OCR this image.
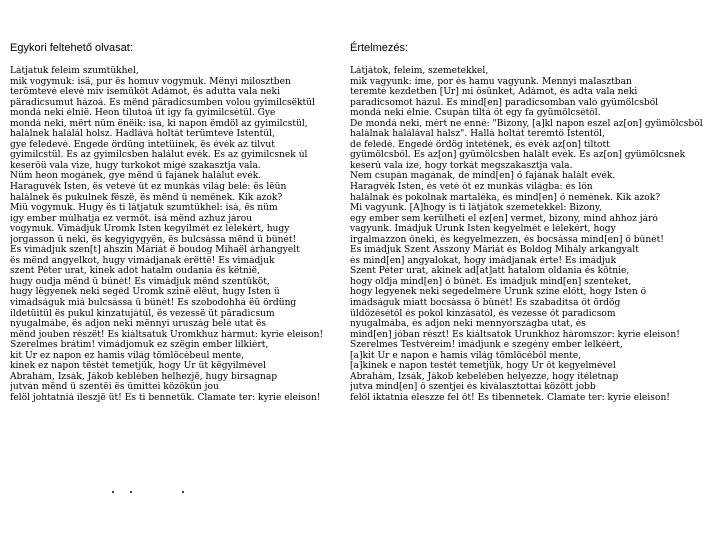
Egykori feltehető olvasat:
Látjatuk feleim szumtükhel,
mik vogymuk: isä, pur ës homuv vogymuk. Mënyi milosztben
terömtevé elevé miv isemüköt Ádámot, ës adutta vala neki
päradicsumut házoá. Ës mënd päradicsumben volou gyimilcsëktül
mondá neki élnië. Heon tilutoá üt igy fa gyimilcsétül. Gye
mondá neki, mërt nüm ënëik: isa, ki napon ëmdöl az gyimilcstül,
halálnek halálál holsz. Hadlává holtát terümtevé Istentül,
gye feledevé. Engede ördüng intetüinek, ës évék az tilvut
gyimilcstül. Ës az gyimilcsben halálut evék. Ës az gyimilcsnek úl
keseröü vala vize, hugy turkokot migé szakasztja vala.
Nüm heon mogánek, gye mënd ü fajánek halálut evék.
Haraguvék Isten, ës vetevé üt ez munkás világ belé: ës lëün
halálnek ës pukulnek fëszë, ës mënd ü nemënek. Kik azok?
Miü vogymuk. Hugy ës ti látjatuk szumtükhel: isá, ës nüm
igy ember múlhatja ez vermöt. isá mënd azhuz járou
vogymuk. Vimádjuk Uromk Isten kegyilmét ez lélekért, hugy
jorgasson ü neki, ës kegyigygyën, ës bulcsássa mënd ü bûnét!
Ës vimádjuk szen[t] ahszin Máriát ë boudog Mihaël árhangyelt
ës mënd angyelkot, hugy vimádjanak érëttë! És vimádjuk
szent Péter urat, kinek adot hatalm oudania ës këtnië,
hugy oudja mënd ü bûnét! Ës vimádjuk mënd szentüköt,
hugy lëgyenek neki segéd Uromk szinë elëut, hugy Isten ü
vimádságuk miá bulcsássa ü bûnét! Ës szobodohhá ëü ördüng
ildetüitül ës pukul kinzatujátúl, ës vezessë üt päradicsum
nyugalmábe, ës adjon neki mënnyi uruszág belé utat ës
mënd jouben részët! Ës kiáltsatuk Uromkhuz hármut: kyrie eleison!
Szerelmes brátim! vimádjomuk ez szëgin ember lilkiért,
kit Úr ez napon ez hamis világ tömlöcébeul mente,
kinek ez napon tëstét temetjük, hogy Úr üt këgyilmével
Ábrahám, Izsák, Jákob keblében helhezjë, hugy birsagnap
jutván mënd ü szentëi ës ümittei közökün jou
felöl johtatniá íleszjë üt! Ës ti bennetük. Clamate ter: kyrie eleison!
Értelmezés:
Látjátok, feleim, szemetekkel,
mik vagyunk: íme, por és hamu vagyunk. Mennyi malasztban
teremté kezdetben [Úr] mi ősünket, Ádámot, és adta vala neki
paradicsomot házul. És mind[en] paradicsomban való gyümölcsből
mondá neki élnie. Csupán tiltá őt egy fa gyümölcsétől.
De mondá neki, mért ne enné: "Bizony, [a]kl napon eszel az[on] gyümölcsből
halálnak halálával halsz". Hallá holtát teremtő Istentől,
de feledé. Engedé ördög intetének, és evék az[on] tiltott
gyümölcsből. És az[on] gyümölcsben halált evék. És az[on] gyümölcsnek
keserű vala íze, hogy torkát megszakasztja vala.
Nem csupán magának, de mind[en] ő fajának halált evék.
Haragvék Isten, és veté őt ez munkás világba: és lőn
halálnak és pokolnak martaléka, és mind[en] ő nemének. Kik azok?
Mi vagyunk. [A]hogy is ti látjátok szemetekkel: Bizony,
egy ember sem kerülheti el ez[en] vermet, bizony, mind ahhoz járó
vagyunk. Imádjuk Urunk Isten kegyelmét e lélekért, hogy
irgalmazzon őneki, és kegyelmezzen, és bocsássa mind[en] ő bűnét!
És imádjuk Szent Asszony Máriát és Boldog Mihály arkangyalt
és mind[en] angyalokat, hogy imádjanak érte! És imádjuk
Szent Péter urat, akinek ad[at]att hatalom oldania és kötnie,
hogy oldja mind[en] ő bűnét. És imádjuk mind[en] szenteket,
hogy legyenek neki segedelmére Urunk színe előtt, hogy Isten ő
imádságuk miatt bocsássa ő bűnét! És szabadítsa őt ördög
üldözésétől és pokol kínzásától, és vezesse őt paradicsom
nyugalmába, és adjon neki mennyországba utat, és
mind[en] jóban részt! És kiáltsatok Urunkhoz háromszor: kyrie eleison!
Szerelmes Testvéreim! imádjunk e szegény ember lelkéért,
[a]kit Úr e napon e hamis világ tömlöcéből mente,
[a]kinek e napon testét temetjük, hogy Úr őt kegyelmével
Ábrahám, Izsák, Jákob kebelében helyezze, hogy ítéletnap
jutva mind[en] ő szentjei és kiválasztottai között jobb
felől iktatnia éleszze fel őt! És tibennetek. Clamate ter: kyrie eleison!
